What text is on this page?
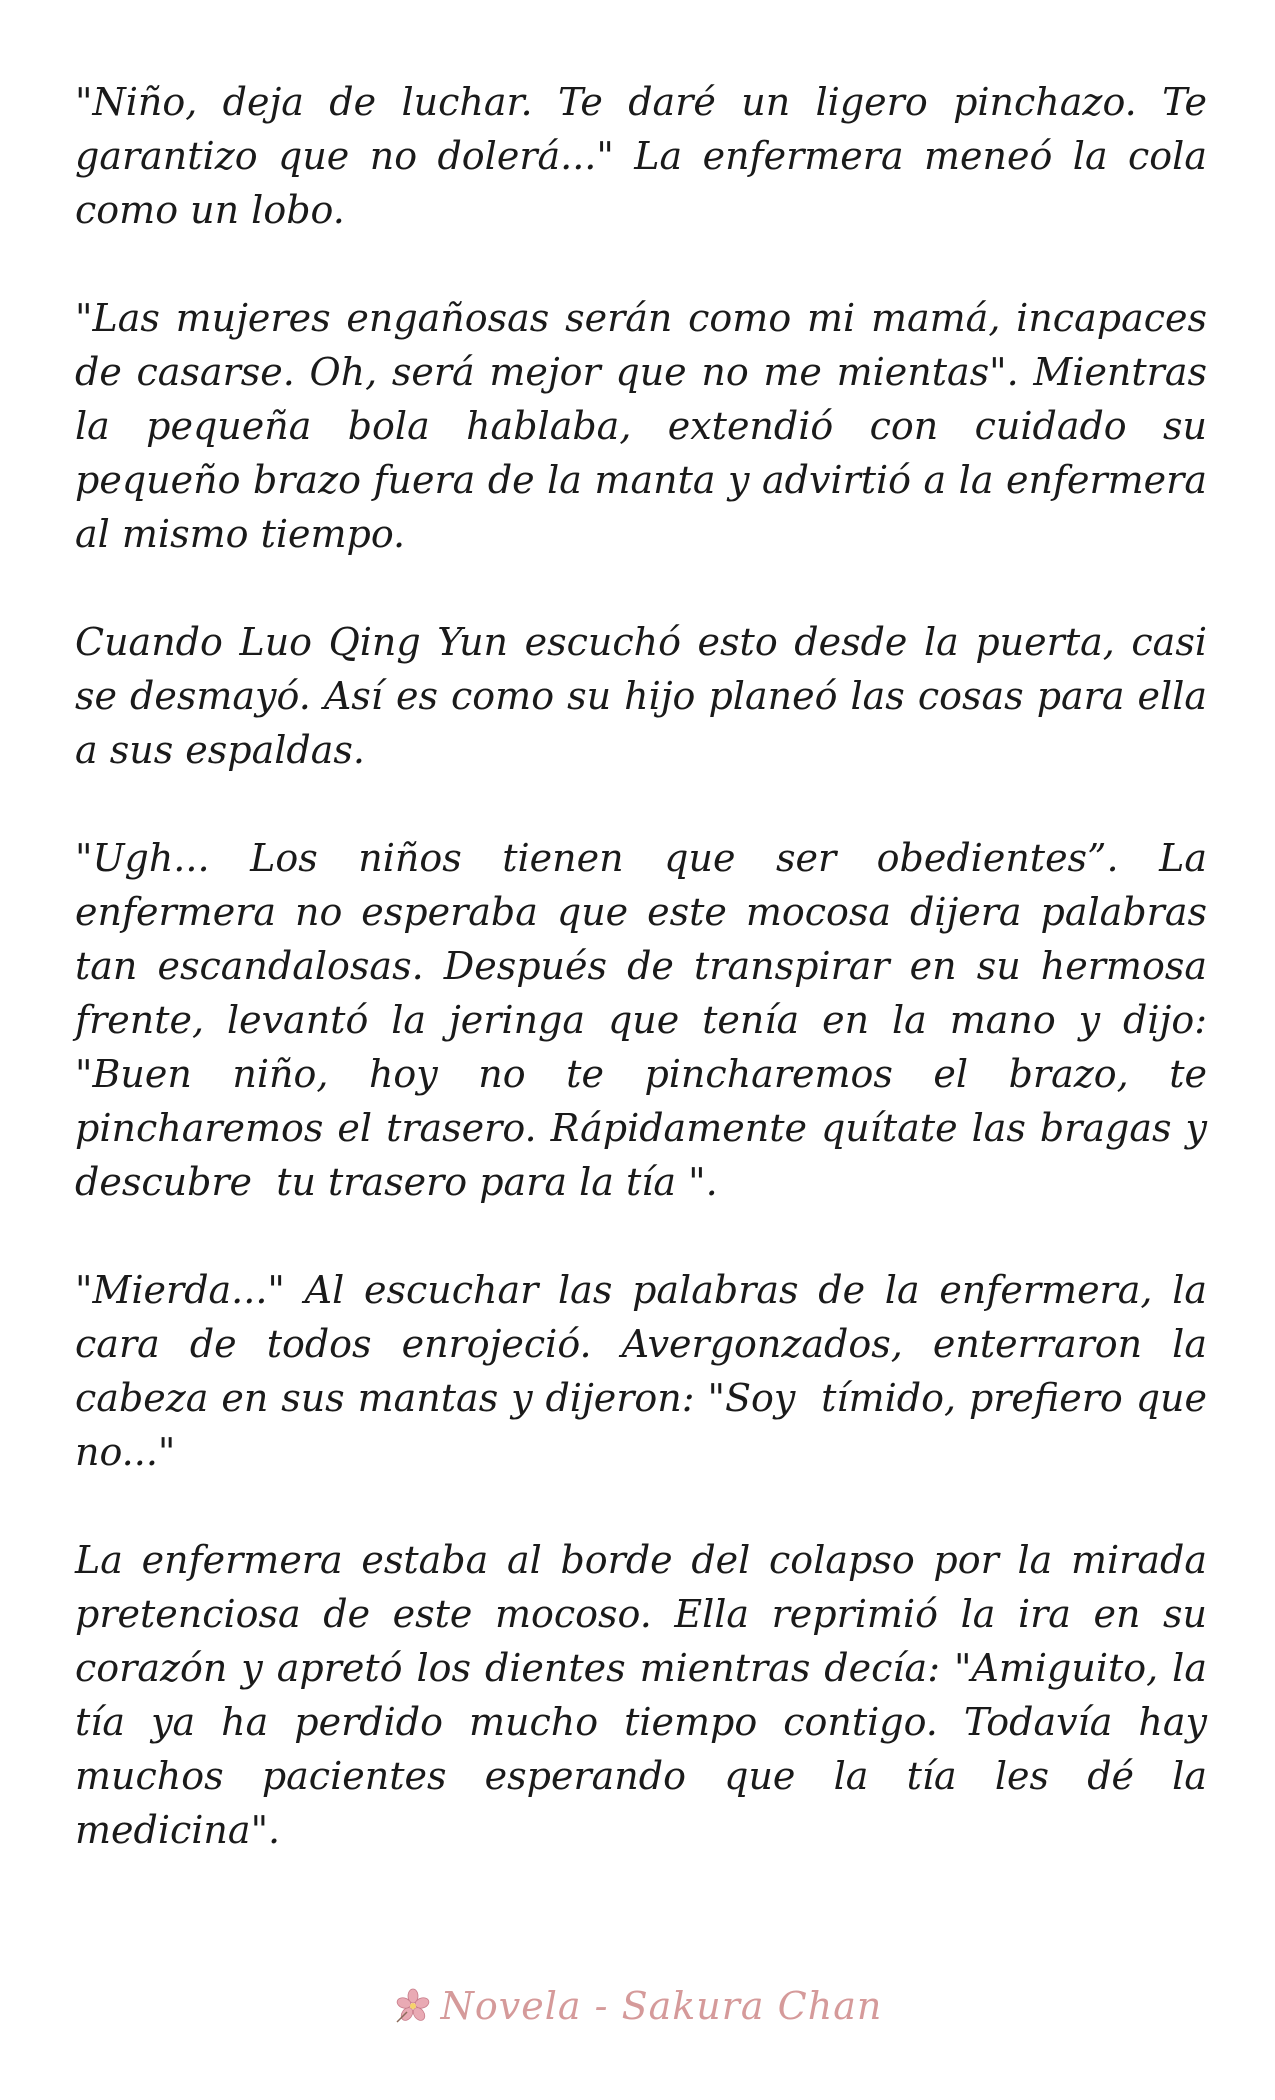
"Niño, deja de luchar. Te daré un ligero pinchazo. Te garantizo que no dolerá..." La enfermera meneó la cola como un lobo.

"Las mujeres engañosas serán como mi mamá, incapaces de casarse. Oh, será mejor que no me mientas". Mientras la pequeña bola hablaba, extendió con cuidado su pequeño brazo fuera de la manta y advirtió a la enfermera al mismo tiempo.

Cuando Luo Qing Yun escuchó esto desde la puerta, casi se desmayó. Así es como su hijo planeó las cosas para ella a sus espaldas.

"Ugh... Los niños tienen que ser obedientes”. La enfermera no esperaba que este mocosa dijera palabras tan escandalosas. Después de transpirar en su hermosa frente, levantó la jeringa que tenía en la mano y dijo: "Buen niño, hoy no te pincharemos el brazo, te pincharemos el trasero. Rápidamente quítate las bragas y descubre  tu trasero para la tía ".

"Mierda..." Al escuchar las palabras de la enfermera, la cara de todos enrojeció. Avergonzados, enterraron la cabeza en sus mantas y dijeron: "Soy  tímido, prefiero que no..."

La enfermera estaba al borde del colapso por la mirada pretenciosa de este mocoso. Ella reprimió la ira en su corazón y apretó los dientes mientras decía: "Amiguito, la tía ya ha perdido mucho tiempo contigo. Todavía hay muchos pacientes esperando que la tía les dé la medicina".

Novela - Sakura Chan
